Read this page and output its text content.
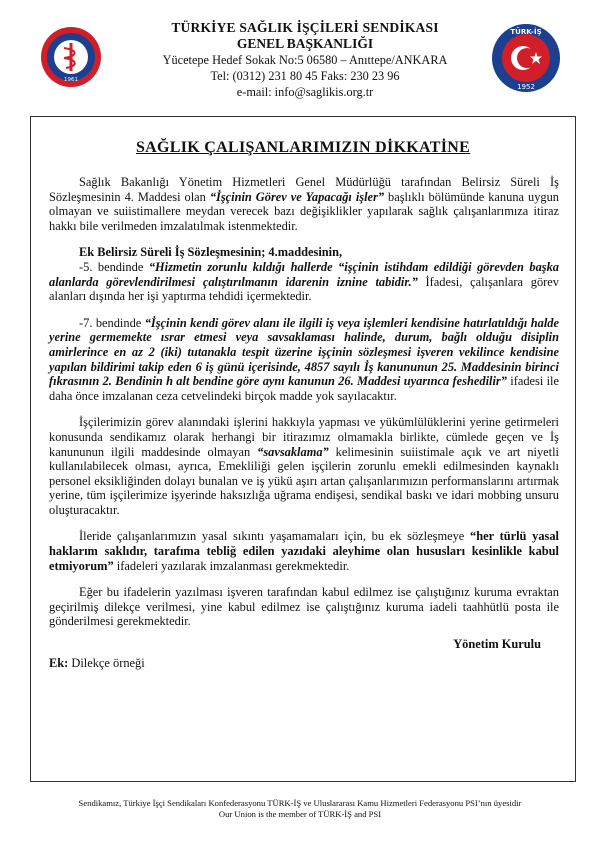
1961
TÜRKİYE SAĞLIK İŞÇİLERİ SENDİKASI
GENEL BAŞKANLIĞI
Yücetepe Hedef Sokak No:5 06580 – Anıttepe/ANKARA
Tel: (0312) 231 80 45 Faks: 230 23 96
e-mail: info@saglikis.org.tr
TÜRK-İŞ
1952
SAĞLIK ÇALIŞANLARIMIZIN DİKKATİNE

Sağlık Bakanlığı Yönetim Hizmetleri Genel Müdürlüğü tarafından Belirsiz Süreli İş Sözleşmesinin 4. Maddesi olan “İşçinin Görev ve Yapacağı işler” başlıklı bölümünde kanuna uygun olmayan ve suiistimallere meydan verecek bazı değişiklikler yapılarak sağlık çalışanlarımıza itiraz hakkı bile verilmeden imzalatılmak istenmektedir.

Ek Belirsiz Süreli İş Sözleşmesinin; 4.maddesinin,

-5. bendinde “Hizmetin zorunlu kıldığı hallerde “işçinin istihdam edildiği görevden başka alanlarda görevlendirilmesi çalıştırılmanın idarenin iznine tabidir.” İfadesi, çalışanlara görev alanları dışında her işi yaptırma tehdidi içermektedir.

-7. bendinde “İşçinin kendi görev alanı ile ilgili iş veya işlemleri kendisine hatırlatıldığı halde yerine germemekte ısrar etmesi veya savsaklaması halinde, durum, bağlı olduğu disiplin amirlerince en az 2 (iki) tutanakla tespit üzerine işçinin sözleşmesi işveren vekilince kendisine yapılan bildirimi takip eden 6 iş günü içerisinde, 4857 sayılı İş kanununun 25. Maddesinin birinci fıkrasının 2. Bendinin h alt bendine göre aynı kanunun 26. Maddesi uyarınca feshedilir” ifadesi ile daha önce imzalanan ceza cetvelindeki birçok madde yok sayılacaktır.

İşçilerimizin görev alanındaki işlerini hakkıyla yapması ve yükümlülüklerini yerine getirmeleri konusunda sendikamız olarak herhangi bir itirazımız olmamakla birlikte, cümlede geçen ve İş kanununun ilgili maddesinde olmayan “savsaklama” kelimesinin suiistimale açık ve art niyetli kullanılabilecek olması, ayrıca, Emekliliği gelen işçilerin zorunlu emekli edilmesinden kaynaklı personel eksikliğinden dolayı bunalan ve iş yükü aşırı artan çalışanlarımızın performanslarını artırmak yerine, tüm işçilerimize işyerinde haksızlığa uğrama endişesi, sendikal baskı ve idari mobbing unsuru oluşturacaktır.

İleride çalışanlarımızın yasal sıkıntı yaşamamaları için, bu ek sözleşmeye “her türlü yasal haklarım saklıdır, tarafıma tebliğ edilen yazıdaki aleyhime olan hususları kesinlikle kabul etmiyorum” ifadeleri yazılarak imzalanması gerekmektedir.

Eğer bu ifadelerin yazılması işveren tarafından kabul edilmez ise çalıştığınız kuruma evraktan geçirilmiş dilekçe verilmesi, yine kabul edilmez ise çalıştığınız kuruma iadeli taahhütlü posta ile gönderilmesi gerekmektedir.

Yönetim Kurulu

Ek: Dilekçe örneği

Sendikamız, Türkiye İşçi Sendikaları Konfederasyonu TÜRK-İŞ ve Uluslararası Kamu Hizmetleri Federasyonu PSI’nın üyesidir
Our Union is the member of TÜRK-İŞ and PSI
